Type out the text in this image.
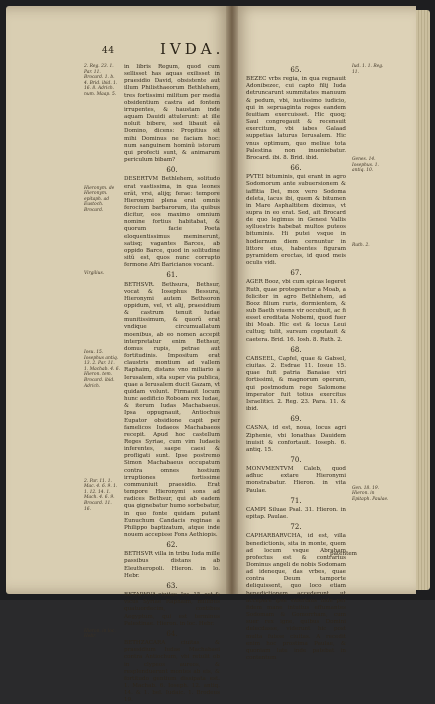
44	IVDA.

in libris Regum, quod cum sellisset has aquas exilisset in praesidio David, obsistente aut illum Philisthaeorum Bethlehem, tres fortissimi militum per media obsidentium castra ad fontem irrupentes, & haustam inde aquam Dauidi attulerunt: at ille noluit bibere, sed libauit eã Domino, dicens: Propitius sit mihi Dominus ne faciam hoc: num sanguinem hominũ istorum qui profecti sunt, & animarum periculum bibam?

60.

DESERTVM Bethlehem, solitudo erat vastissima, in qua leones erãt, vrsi, alijq; ferae: tempore Hieronymi plena erat omnis ferocium barbarorum, ita quibus dicitur, eos maximo omnium nomine fortius habitabat, & quorum facie Poeta eloquentissimus meminerunt, satisq; vagantes Barces, ab oppido Barce, quod in solitudine sitũ est, quos nunc corrupto fermone Afri Baricianos vocant.

61.

BETHSVR. Bethsura, Bethsur, vocat & Iosephus Bessura, Hieronymi autem Bethsoron oppidum, vel, vt alij, praesidium & castrum tenuit Iudae munitissimum, & quorũ erat vndique circumuallatum moenibus, ab eo nomen accepit interpretatur enim Bethsur, domus rupis, petrae aut fortitudinis. Impositum erat claustris montium ad vallem Raphaim, distans vno miliario a Ierusalem, sita super via publica, quae a Ierusalem ducit Gazam, vt quidam volunt. Firmauit locum hunc aedificio Roboam rex Iudae, & iterum Iudas Machabaeus. Ipsa oppugnauit, Antiochus Eupator obsidione capit per famelicos Iudaeos Machabaeos recepit. Apud hoc castellum Reges Syriae, cum vim Iudaeis inferentes, saepe caesi & profligati sunt. Ipse postremo Simon Machabaeus occupatum contra omnes hostium irruptiones fortissime communiuit praesidio. Erat tempore Hieronymi sons ad radices Bethsur, qui ab eadem qua gignebatur humo sorbebatur, in quo fonte quidam putant Eunuchum Candacis reginae a Philippo baptizatum, atque inde nouem accepisse Fons Aethiopis.

62.

BETHSVR villa in tribu Iuda mille passibus distans ab Eleutheropoli. Hieron. in lo. Hebr.

63.

BETAPHVA ciuitas. Ios. 15. est & vicus Syriae Raphaim, millibus quatuordecim, contibus Aegyptum, qui est terminus Palestinae. Hieron. in loc. Hebr.

64.

BETHZACARA ciuitas & praesidium Iudae Machabaei contra Antiochum, vbi retulit ob in clypeos aureos, & resplenduerunt montes ab eis, & fortitudo gentium dissipata est. 1. Machab. 6. Ioseph. 12. antiq. 14. & 1. bel. Iudaic. 1. Brodeus 19.

65.

BEZEC vrbs regia, in qua regnauit Adonibezec, cui capto filij Iuda detruncarunt summitates manuum & pedum, vbi, iustissimo iudicio, qui in sepruaginta reges eandem feuitiam exercuisset. Hic quoq; Saul congregauit & recensuit exercitum, vbi iabes Galaad suppetias laturus Ierusalem. Hic vnus optimum, quo meliue tota Palestina non inueniebatur. Brocard. ibi. 8. Brid. ibid.

66.

PVTEI bituminis, qui erant in agro Sodomorum ante subuersionem & iaffitia Dei, mox vero Sodoma deleta, lacus ibi, quem & bitumen in Mare Asphaltitem diximus, vt supra in eo erat. Sed, ait Brocard de quo legimus in Genesi Vallis sylluestris habebat multos puteos bituminis. Hi putei vsque in hodiernum diem cernuntur in littore eius, habentes figuram pyramidem erectas, id quod meis oculis vidi.

67.

AGER Booz, vbi cum spicas legeret Ruth, quae protegeretur a Moab, a feliciter in agro Bethlehem, ad Booz filium ruris, dormientem, & sub Baeth viuens vir occubuit, ac fi esset ereditata Nobemi, quod fuer ibi Moab. Hic est & locus Leui cultuq; tulit, sursum coputauit & caetera. Brid. 16. Iosh. 8. Ruth. 2.

68.

CABSEEL, Capfel, quae & Gabsel, ciuitas. 2. Esdrae 11. Iosue 15. quae fuit patria Banaiae viri fortissimi, & magnorum operum, qui postmodum rege Salomone imperator fuit totius exercitus Israelitici. 2. Reg. 23. Para. 11. & ibid.

69.

CASNA, id est, noua, locus agri Ziphenie, vbi Ionathas Dauidem inuisit & confortauit. Ioseph. 6. antiq. 15.

70.

MONVMENTVM Caleb, quod adhuc extare Hieronymi monstrabatur. Hieron. in vita Paulae.

71.

CAMPI Siluae Psal. 31. Hieron. in epitap. Paulae.

72.

CAPHARBARVCHA, id est, villa benedictionis, sita in monte, quem ad locum vsque Abraham profectus est & contrarius Dominus angeli de nobis Sodomam ad ideneque, das vrbes, quae contra Deum tamporte deliquissent, quo loco etiam benedictionem accederunt, ut accepere ipse vidertaus inde per fidem mane intuitus effumantes Sodomam & Gomorrham, cum suer rex igne, quibus Domini delecdasse, viderunt hic post multa fuisse ciuitas. A recedit enim hoc prostima Paulae, & quoniam late inde patebat in contentum

2. Reg. 23. 1. Par. 11. Brocard. 1. b. 4. Brid. ibid. 1. 16. 8. Adrich. num. Maap. 5.
Hieronym. de Hieronym. epitaph. ad Eustoch. Brocard.
Virgilius.
Iosu. 15. Iosephus antiq. 13. 2. Par. 11. 1. Machab. 4. 6. Hieron. tem. Brocard. ibid. Adrich.
2. Par. 11. 1. Mac. 4. 6. 9. 1. 1. 12. 14. 1. Mach. 4. 6. 9. Brocard. 11. 16.
Hieron. in loc. Hebr.
Iud. 1. 1. Reg. 11.
Genes. 14. Iosephus. 1. antiq. 10.
Ruth. 2.
Gen. 18. 19. Hieron. in Epitaph. Paulae.
patentem
